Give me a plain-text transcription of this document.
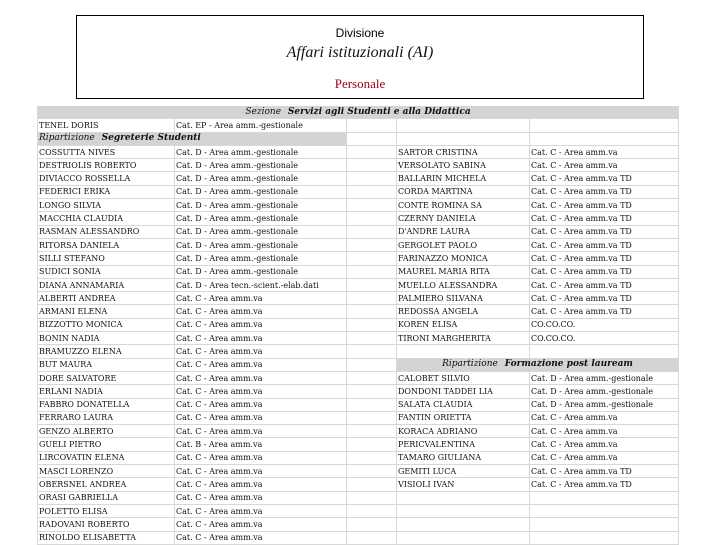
Divisione
Affari istituzionali (AI)
Personale
Sezione Servizi agli Studenti e alla Didattica				
TENEL DORIS	Cat. EP - Area amm.-gestionale			
Ripartizione Segreterie Studenti				
COSSUTTA NIVES	Cat. D - Area amm.-gestionale		SARTOR CRISTINA	Cat. C - Area amm.va
DESTRIOLIS ROBERTO	Cat. D - Area amm.-gestionale		VERSOLATO SABINA	Cat. C - Area amm.va
DIVIACCO ROSSELLA	Cat. D - Area amm.-gestionale		BALLARIN MICHELA	Cat. C - Area amm.va TD
FEDERICI ERIKA	Cat. D - Area amm.-gestionale		CORDA MARTINA	Cat. C - Area amm.va TD
LONGO SILVIA	Cat. D - Area amm.-gestionale		CONTE ROMINA SA	Cat. C - Area amm.va TD
MACCHIA CLAUDIA	Cat. D - Area amm.-gestionale		CZERNY DANIELA	Cat. C - Area amm.va TD
RASMAN ALESSANDRO	Cat. D - Area amm.-gestionale		D'ANDRE LAURA	Cat. C - Area amm.va TD
RITORSA DANIELA	Cat. D - Area amm.-gestionale		GERGOLET PAOLO	Cat. C - Area amm.va TD
SILLI STEFANO	Cat. D - Area amm.-gestionale		FARINAZZO MONICA	Cat. C - Area amm.va TD
SUDICI SONIA	Cat. D - Area amm.-gestionale		MAUREL MARIA RITA	Cat. C - Area amm.va TD
DIANA ANNAMARIA	Cat. D - Area tecn.-scient.-elab.dati		MUELLO ALESSANDRA	Cat. C - Area amm.va TD
ALBERTI ANDREA	Cat. C - Area amm.va		PALMIERO SILVANA	Cat. C - Area amm.va TD
ARMANI ELENA	Cat. C - Area amm.va		REDOSSA ANGELA	Cat. C - Area amm.va TD
BIZZOTTO MONICA	Cat. C - Area amm.va		KOREN ELISA	CO.CO.CO.
BONIN NADIA	Cat. C - Area amm.va		TIRONI MARGHERITA	CO.CO.CO.
BRAMUZZO ELENA	Cat. C - Area amm.va			
BUT MAURA	Cat. C - Area amm.va		Ripartizione Formazione post lauream	
DORE SALVATORE	Cat. C - Area amm.va		CALOBET SILVIO	Cat. D - Area amm.-gestionale
ERLANI NADIA	Cat. C - Area amm.va		DONDONI TADDEI LIA	Cat. D - Area amm.-gestionale
FABBRO DONATELLA	Cat. C - Area amm.va		SALATA CLAUDIA	Cat. D - Area amm.-gestionale
FERRARO LAURA	Cat. C - Area amm.va		FANTIN ORIETTA	Cat. C - Area amm.va
GENZO ALBERTO	Cat. C - Area amm.va		KORACA ADRIANO	Cat. C - Area amm.va
GUELI PIETRO	Cat. B - Area amm.va		PERICVALENTINA	Cat. C - Area amm.va
LIRCOVATIN ELENA	Cat. C - Area amm.va		TAMARO GIULIANA	Cat. C - Area amm.va
MASCI LORENZO	Cat. C - Area amm.va		GEMITI LUCA	Cat. C - Area amm.va TD
OBERSNEL ANDREA	Cat. C - Area amm.va		VISIOLI IVAN	Cat. C - Area amm.va TD
ORASI GABRIELLA	Cat. C - Area amm.va			
POLETTO ELISA	Cat. C - Area amm.va			
RADOVANI ROBERTO	Cat. C - Area amm.va			
RINOLDO ELISABETTA	Cat. C - Area amm.va			
